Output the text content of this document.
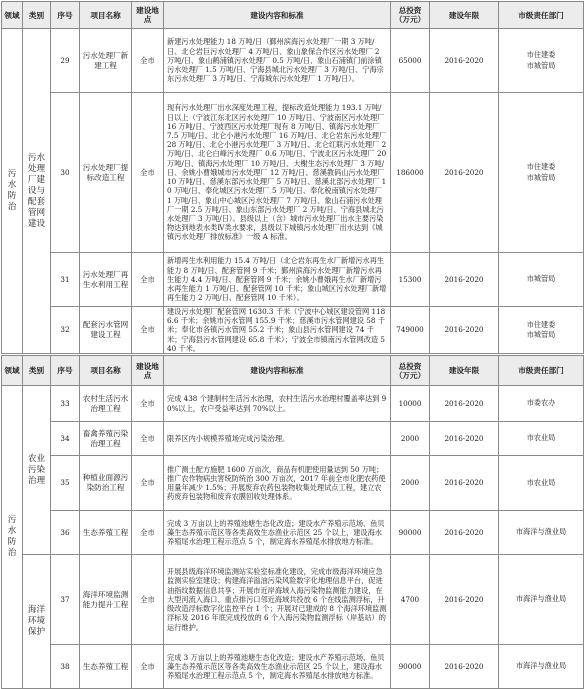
领域	类别	序号	项目名称	建设地点	建设内容和标准	总投资（万元）	建设年限	市级责任部门
污水防治	污水处理厂建设与配套管网建设	29	污水处理厂新建工程	全市	新建污水处理能力 18 万吨/日（鄞州滨海污水处理厂一期 3 万吨/日、北仑岩巨污水处理厂 4 万吨/日、象山象保合作区污水处理厂 2 万吨/日、象山鹤浦镇污水处理厂 0.5 万吨/日、象山石浦镇门前涂镇污水处理厂 1.5 万吨/日、宁海县城北污水处理厂 3 万吨/日、宁海宗东污水处理厂 3 万吨/日、宁海城东污水处理厂 1 万吨/日）。	65000	2016-2020	市住建委
市城管局

		30	污水处理厂提标改造工程	全市	现有污水处理厂出水深度处理工程，提标改造处理能力 193.1 万吨/日以上（宁波江东北区污水处理厂 10 万吨/日、宁波南区污水处理厂 16 万吨/日、宁波西区污水处理厂现有 8 万吨/日、镇海污水处理厂 7.5 万吨/日、北仑小港污水处理厂 16 万吨/日、北仑岩东污水处理厂 28 万吨/日、北仑小港污水处理厂 3 万吨/日、北仑红联污水处理厂 2 万吨/日、北仑白峰污水处理厂 0.6 万吨/日、宁波北区污水处理厂 20 万吨/日、镇海污水处理厂 10 万吨/日、大榭生态污水处理厂 3 万吨/日、余姚小曹娥城市污水处理厂 12 万吨/日、慈溪教码山污水处理厂 10 万吨/日、慈溪东部污水处理厂 5 万吨/日、慈溪北部污水处理厂 10 万吨/日、奉化城区污水处理厂 5 万吨/日、奉化税南镇污水处理厂 1 万吨/日、象山中心城区污水处理厂 7 万吨/日、象山石浦污水处理厂一期 2.5 万吨/日、象山东部污水处理厂 2 万吨/日、宁海县城北污水处理厂 3 万吨/日）。县级以上（含）城市污水处理厂出水主要污染物达到地表水类Ⅳ类水要求，县级以下城镇污水处理厂出水达到《城镇污水处理厂排放标准》一级 A 标准。	186000	2016-2020	市住建委
市城管局

		31	污水处理厂再生水利用工程	全市	新增再生水利用能力 15.4 万吨/日（北仑岩东再生水厂新增污水再生能力 8 万吨/日、配套管网 9 千米；鄞州滨海污水处理厂新增污水再生能力 4.4 万吨/日、配套管网 9 千米；余姚小曹娥再生水厂新增污水再生能力 1 万吨/日、配套管网 10 千米；象山城区污水处理厂新增再生能力 2 万吨/日、配套管网 10 千米）。	15300	2016-2020	市城管局
		32	配套污水管网建设工程	全市	建设污水处理厂配套管网 1630.3 千米（宁波中心城区建设管网 1186.6 千米；余姚市污水管网 155.9 千米；慈溪市污水管网建设 58 千米；奉化市各镇污水管网 55.2 千米；象山县污水管网建设 74 千米；宁海县污水管网建设 65.8 千米）；宁波全市镇南污水管网改造 540 千米。	749000	2016-2020	市住建委
市城管局
领域	类别	序号	项目名称	建设地点	建设内容和标准	总投资（万元）	建设年限	市级责任部门
污水防治	农业污染治理	33	农村生活污水治理工程	全市	完成 438 个建制村生活污水治理，农村生活污水治理村覆盖率达到 90%以上，农户受益率达到 70%以上。	10000	2016-2020	市委农办
		34	畜禽养殖污染治理工程	全市	限养区内小规模养殖场完成污染治理。	2000	2016-2020	市农业局
		35	种植业面源污染防治工程	全市	推广测土配方施肥 1600 万亩次，商品有机肥使用量达到 50 万吨；推广农作物病虫害统防统治 300 万亩次，2017 年前全市化肥农药使用量年减少 1.5%；开展废弃农药包装物收集处理试点工程，建立农药废弃包装物和废弃农膜回收处理体系。	2000	2016-2020	市农业局
		36	生态养殖工程	全市	完成 3 万亩以上的养殖池塘生态化改造；建设水产养殖示范场、鱼贝藻生态养殖示范区等各类高效生态渔业示范区 25 个以上，建设海水养殖尾水治理工程示范点 5 个，制定海水养殖尾水排放地方标准。	90000	2016-2020	市海洋与渔业局
	海洋环境保护	37	海洋环境监测能力提升工程	全市	开展县级海洋环境监测站实验室标准化建设，完成市级海洋环境应急监测实验室建设；构建海洋溢油污染风险数字化地理信息平台，促进油指纹数据信息共享；开展市近岸海域入海污染物监测能力建设，在大型河流入海口、重点排污口邻近海域共投放 6 个在线监测浮标，升级改造浮标数字化监控平台 1 个；开展对已建成的 8 个海洋环境监测浮标及 2016 年底完成投放的 6 个入海污染物监测浮标（岸基站）的运行维护。	4700	2016-2020	市海洋与渔业局
		38	生态养殖工程	全市	完成 3 万亩以上的养殖池塘生态化改造；建设水产养殖示范场、鱼贝藻生态养殖示范区等各类高效生态渔业示范区 25 个以上，建设海水养殖尾水治理工程示范点 5 个，制定海水养殖尾水排放地方标准。	90000	2016-2020	市海洋与渔业局
